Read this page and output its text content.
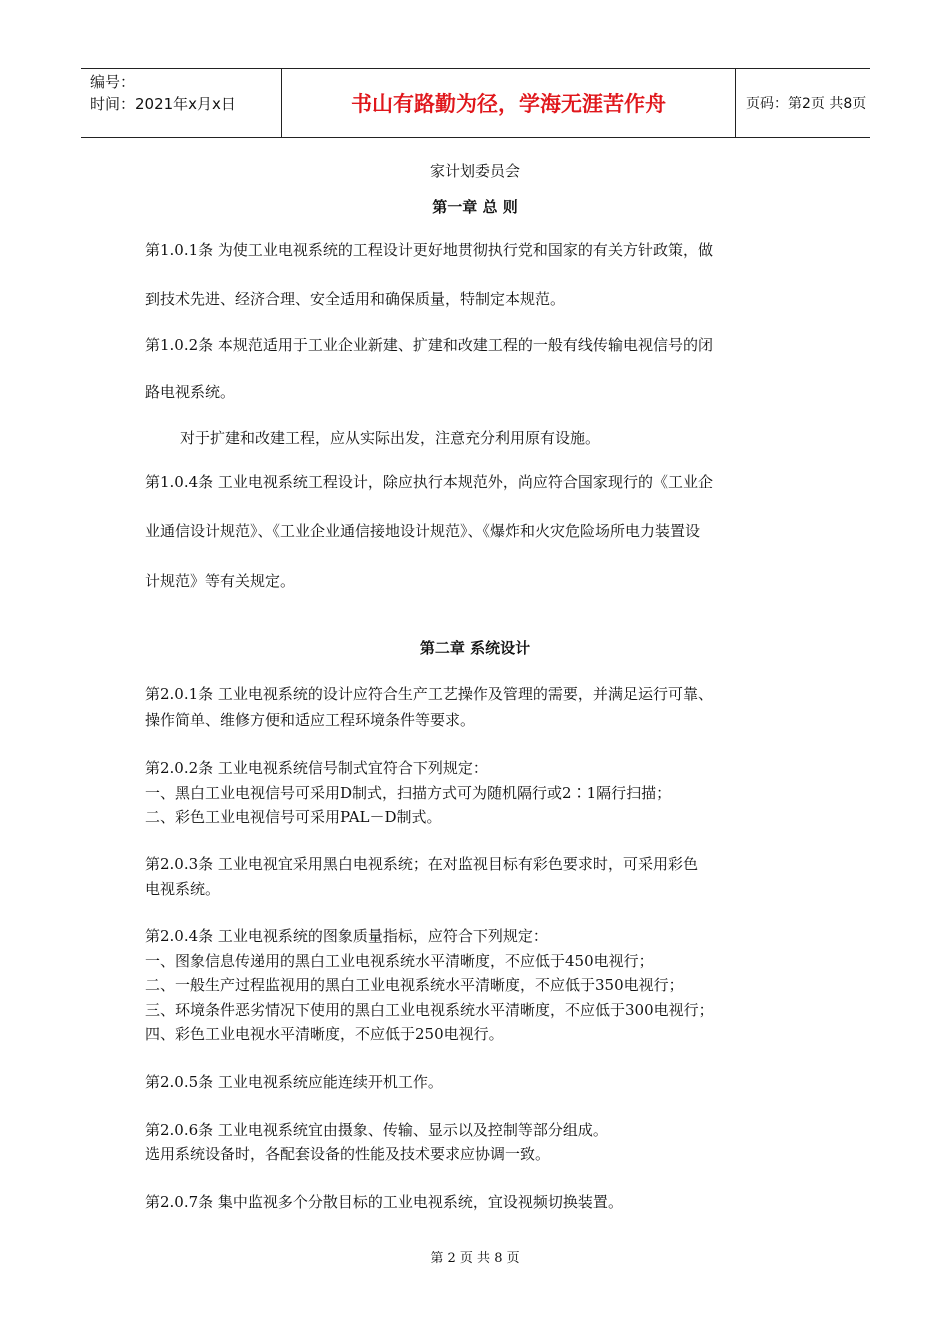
编号：
时间：2021年x月x日	书山有路勤为径，学海无涯苦作舟	页码：第2页 共8页
家计划委员会
第一章 总 则
第1.0.1条 为使工业电视系统的工程设计更好地贯彻执行党和国家的有关方针政策，做
到技术先进、经济合理、安全适用和确保质量，特制定本规范。
第1.0.2条 本规范适用于工业企业新建、扩建和改建工程的一般有线传输电视信号的闭
路电视系统。
对于扩建和改建工程，应从实际出发，注意充分利用原有设施。
第1.0.4条 工业电视系统工程设计，除应执行本规范外，尚应符合国家现行的《工业企
业通信设计规范》、《工业企业通信接地设计规范》、《爆炸和火灾危险场所电力装置设
计规范》等有关规定。
第二章 系统设计
第2.0.1条 工业电视系统的设计应符合生产工艺操作及管理的需要，并满足运行可靠、
操作简单、维修方便和适应工程环境条件等要求。
第2.0.2条 工业电视系统信号制式宜符合下列规定：
一、黑白工业电视信号可采用D制式，扫描方式可为随机隔行或2∶1隔行扫描；
二、彩色工业电视信号可采用PAL－D制式。
第2.0.3条 工业电视宜采用黑白电视系统；在对监视目标有彩色要求时，可采用彩色
电视系统。
第2.0.4条 工业电视系统的图象质量指标，应符合下列规定：
一、图象信息传递用的黑白工业电视系统水平清晰度，不应低于450电视行；
二、一般生产过程监视用的黑白工业电视系统水平清晰度，不应低于350电视行；
三、环境条件恶劣情况下使用的黑白工业电视系统水平清晰度，不应低于300电视行；
四、彩色工业电视水平清晰度，不应低于250电视行。
第2.0.5条 工业电视系统应能连续开机工作。
第2.0.6条 工业电视系统宜由摄象、传输、显示以及控制等部分组成。
选用系统设备时，各配套设备的性能及技术要求应协调一致。
第2.0.7条 集中监视多个分散目标的工业电视系统，宜设视频切换装置。
第 2 页 共 8 页
